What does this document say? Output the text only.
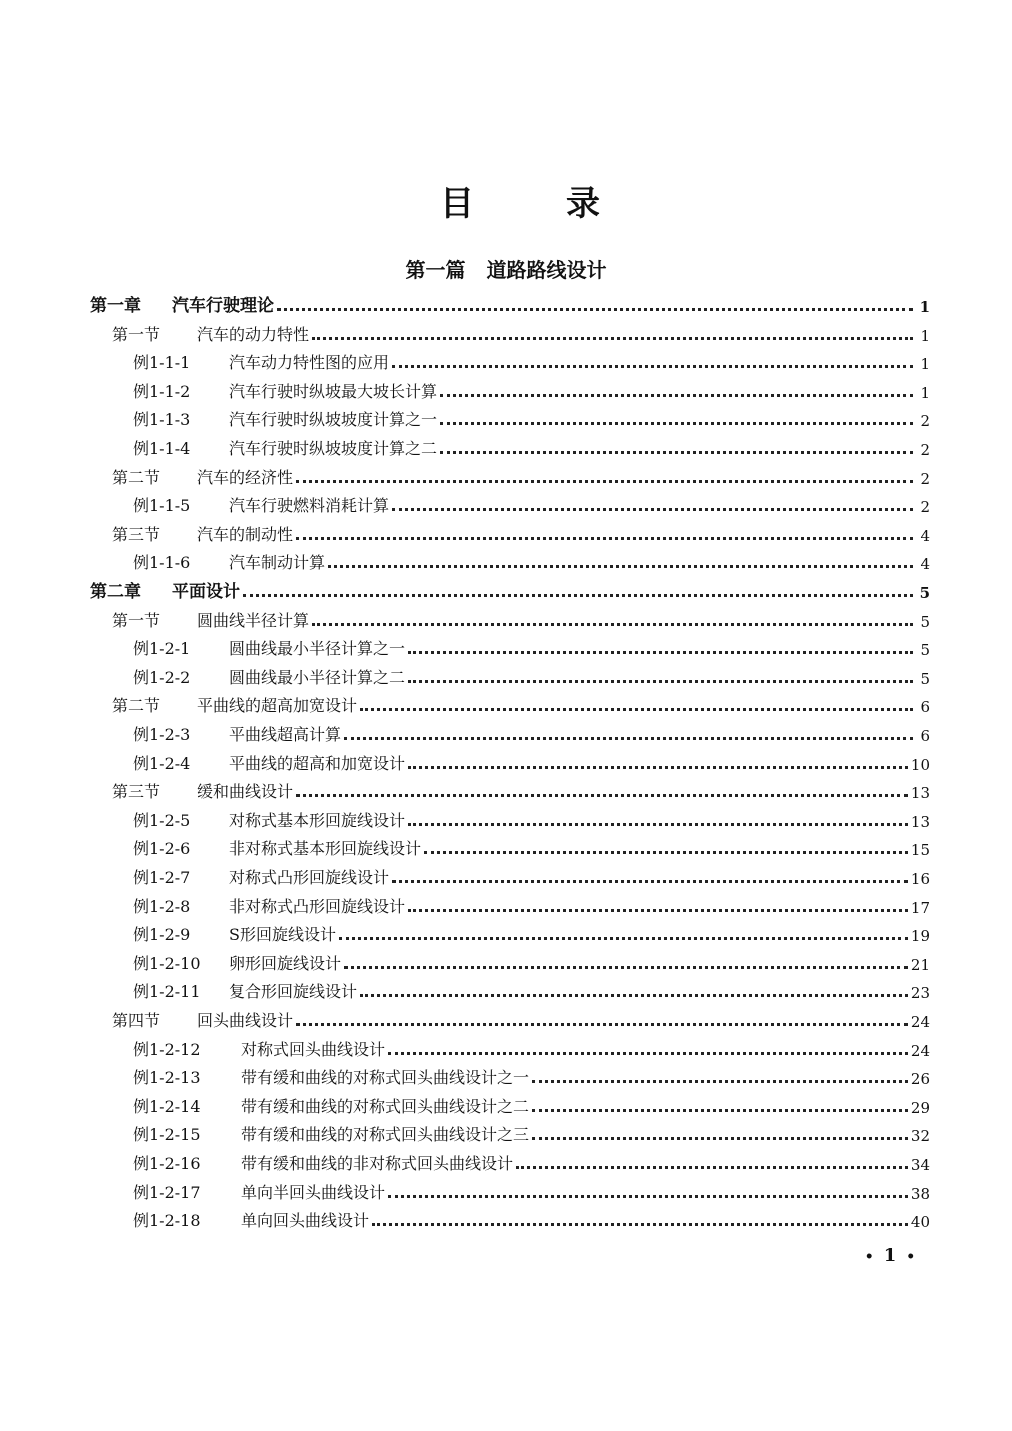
目	录
第一篇 道路路线设计
第一章 汽车行驶理论	1
第一节 汽车的动力特性	1
例1-1-1 汽车动力特性图的应用	1
例1-1-2 汽车行驶时纵坡最大坡长计算	1
例1-1-3 汽车行驶时纵坡坡度计算之一	2
例1-1-4 汽车行驶时纵坡坡度计算之二	2
第二节 汽车的经济性	2
例1-1-5 汽车行驶燃料消耗计算	2
第三节 汽车的制动性	4
例1-1-6 汽车制动计算	4
第二章 平面设计	5
第一节 圆曲线半径计算	5
例1-2-1 圆曲线最小半径计算之一	5
例1-2-2 圆曲线最小半径计算之二	5
第二节 平曲线的超高加宽设计	6
例1-2-3 平曲线超高计算	6
例1-2-4 平曲线的超高和加宽设计	10
第三节 缓和曲线设计	13
例1-2-5 对称式基本形回旋线设计	13
例1-2-6 非对称式基本形回旋线设计	15
例1-2-7 对称式凸形回旋线设计	16
例1-2-8 非对称式凸形回旋线设计	17
例1-2-9 S形回旋线设计	19
例1-2-10 卵形回旋线设计	21
例1-2-11 复合形回旋线设计	23
第四节 回头曲线设计	24
例1-2-12	对称式回头曲线设计	24
例1-2-13	带有缓和曲线的对称式回头曲线设计之一	26
例1-2-14	带有缓和曲线的对称式回头曲线设计之二	29
例1-2-15	带有缓和曲线的对称式回头曲线设计之三	32
例1-2-16	带有缓和曲线的非对称式回头曲线设计	34
例1-2-17	单向半回头曲线设计	38
例1-2-18	单向回头曲线设计	40
• 1 •
